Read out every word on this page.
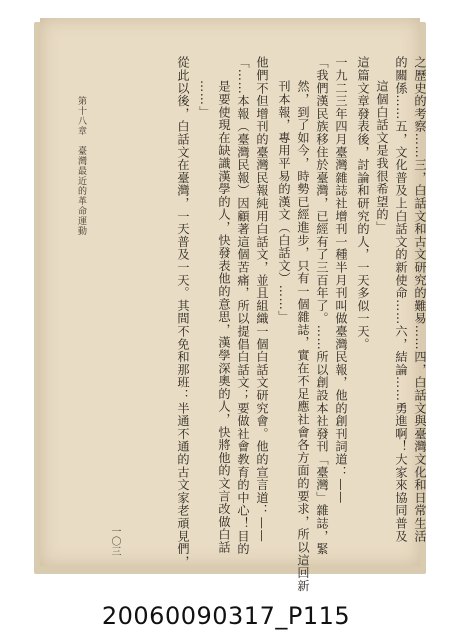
之歷史的考察……三，白話文和古文研究的難易……四，白話文與臺灣文化和日常生活
的關係……五，文化普及上白話文的新使命……六，結論……勇進啊！大家來協同普及
這個白話文是我很希望的」
這篇文章發表後，討論和研究的人，一天多似一天。
一九二三年四月臺灣雜誌社增刊一種半月刊叫做臺灣民報，他的創刊詞道：——
「我們漢民族移住於臺灣，已經有了三百年了。……所以創設本社發刊「臺灣」雜誌，緊
然，到了如今，時勢已經進步，只有一個雜誌，實在不足應社會各方面的要求，所以這回新
刊本報，專用平易的漢文（白話文）……」
他們不但增刊的臺灣民報純用白話文，並且組織一個白話文研究會。他的宣言道：——
「……本報（臺灣民報）因顧著這個苦痛，所以提倡白話文；要做社會教育的中心！目的
是要使現在缺識漢學的人，快發表他的意思，漢學深奧的人，快將他的文言改做白話
……」
從此以後，白話文在臺灣，一天普及一天。其間不免和那班：半通不通的古文家老頑見們，
第十八章　臺灣最近的革命運動
一〇三
20060090317_P115
